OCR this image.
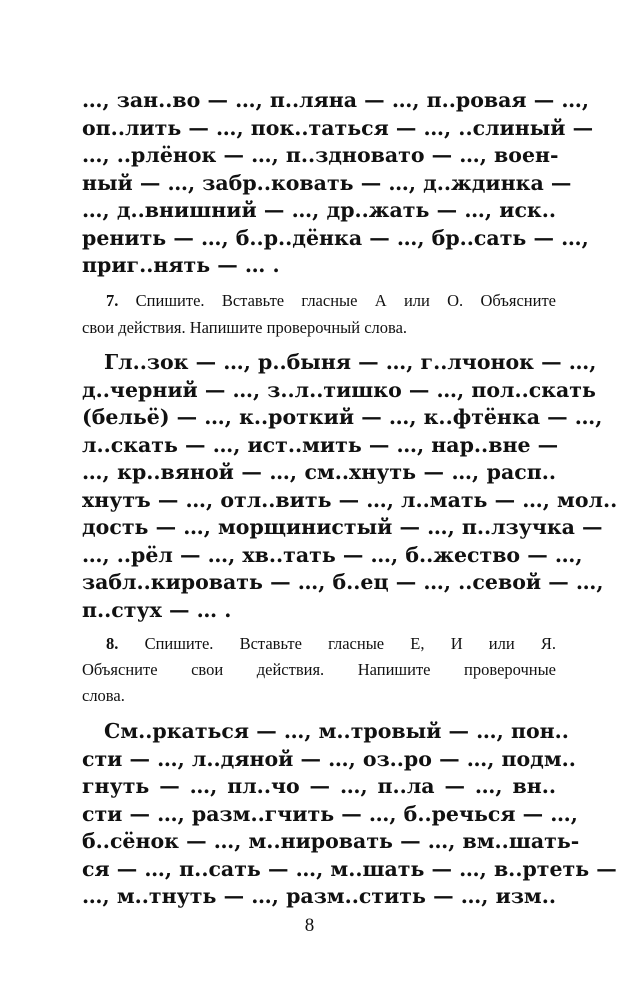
…, зан..во — …, п..ляна — …, п..ровая — …,
оп..лить — …, пок..таться — …, ..слиный —
…, ..рлёнок — …, п..здновато — …, воен-
ный — …, забр..ковать — …, д..ждинка —
…, д..внишний — …, др..жать — …, иск..
ренить — …, б..р..дёнка — …, бр..сать — …,
приг..нять — … .
7. Спишите. Вставьте гласные А или О. Объясните
свои действия. Напишите проверочный слова.
Гл..зок — …, р..быня — …, г..лчонок — …,
д..черний — …, з..л..тишко — …, пол..скать
(бельё) — …, к..роткий — …, к..фтёнка — …,
л..скать — …, ист..мить — …, нар..вне —
…, кр..вяной — …, см..хнуть — …, расп..
хнутъ — …, отл..вить — …, л..мать — …, мол..
дость — …, морщинистый — …, п..лзучка —
…, ..рёл — …, хв..тать — …, б..жество — …,
забл..кировать — …, б..ец — …, ..севой — …,
п..стух — … .
8. Спишите. Вставьте гласные Е, И или Я.
Объясните свои действия. Напишите проверочные
слова.
См..ркаться — …, м..тровый — …, пон..
сти — …, л..дяной — …, оз..ро — …, подм..
гнуть — …, пл..чо — …, п..ла — …, вн..
сти — …, разм..гчить — …, б..речься — …,
б..сёнок — …, м..нировать — …, вм..шать-
ся — …, п..сать — …, м..шать — …, в..ртеть —
…, м..тнуть — …, разм..стить — …, изм..
8
